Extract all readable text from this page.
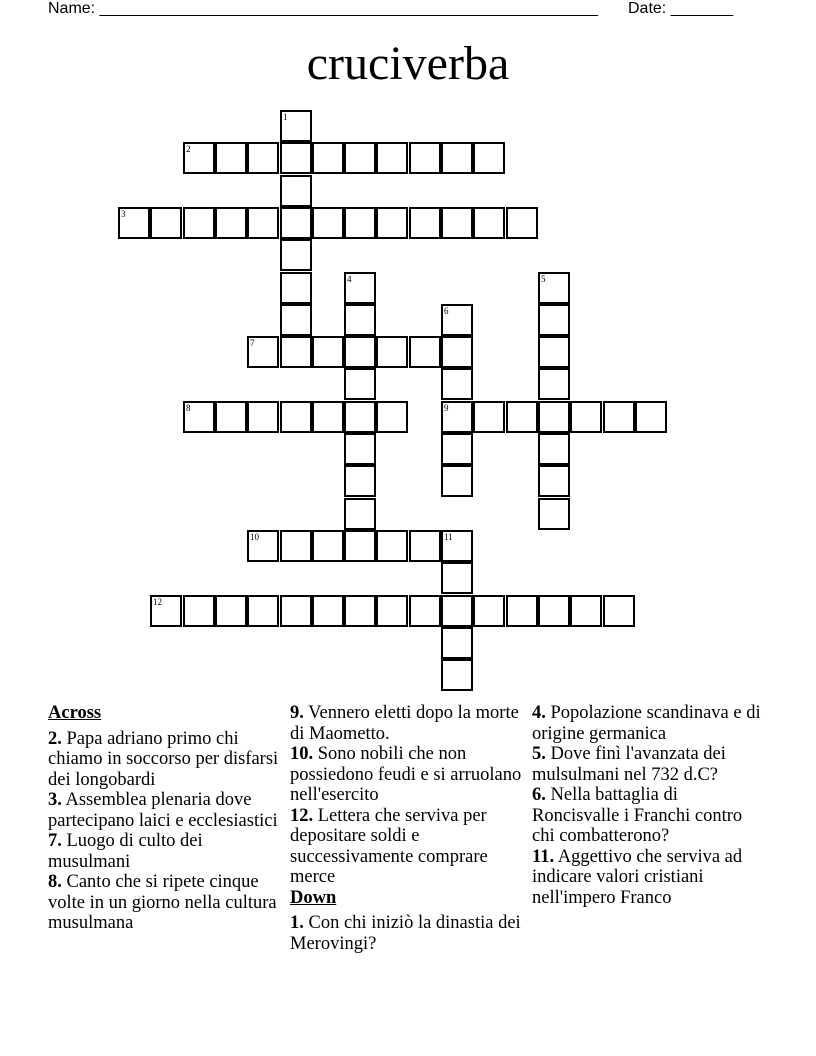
Name: ________________________________________________________ Date: _______
cruciverba
1
2
3
4	5
6
9
7
8
10	11
12
Across
2. Papa adriano primo chi chiamo in soccorso per disfarsi dei longobardi
3. Assemblea plenaria dove partecipano laici e ecclesiastici
7. Luogo di culto dei musulmani
8. Canto che si ripete cinque volte in un giorno nella cultura musulmana
9. Vennero eletti dopo la morte di Maometto.
10. Sono nobili che non possiedono feudi e si arruolano nell'esercito
12. Lettera che serviva per depositare soldi e successivamente comprare merce
Down
1. Con chi iniziò la dinastia dei Merovingi?
4. Popolazione scandinava e di origine germanica
5. Dove finì l'avanzata dei mulsulmani nel 732 d.C?
6. Nella battaglia di Roncisvalle i Franchi contro chi combatterono?
11. Aggettivo che serviva ad indicare valori cristiani nell'impero Franco
